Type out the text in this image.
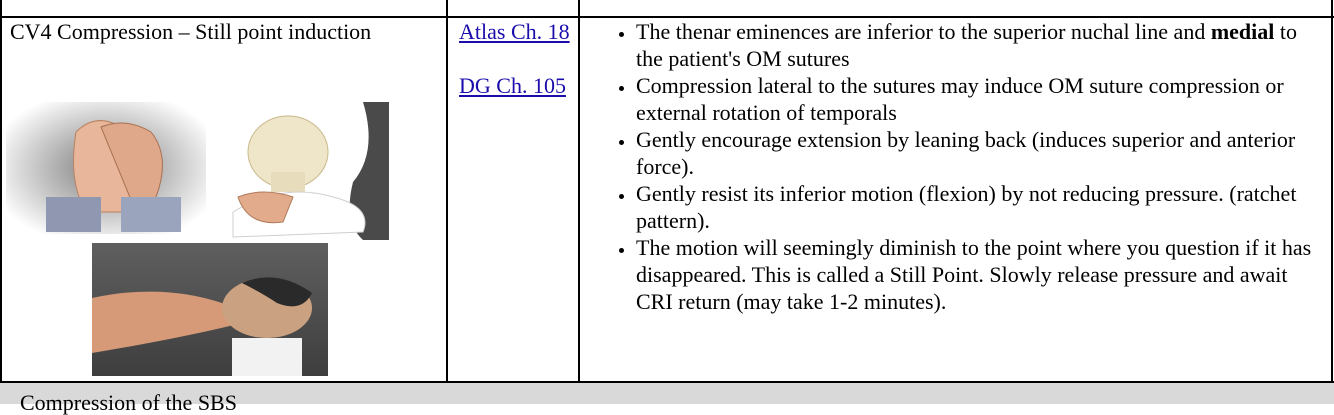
CV4 Compression – Still point induction	Atlas Ch. 18
DG Ch. 105
• The thenar eminences are inferior to the superior nuchal line and medial to the patient's OM sutures
• Compression lateral to the sutures may induce OM suture compression or external rotation of temporals
• Gently encourage extension by leaning back (induces superior and anterior force).
• Gently resist its inferior motion (flexion) by not reducing pressure. (ratchet pattern).
• The motion will seemingly diminish to the point where you question if it has disappeared. This is called a Still Point. Slowly release pressure and await CRI return (may take 1-2 minutes).
Compression of the SBS
